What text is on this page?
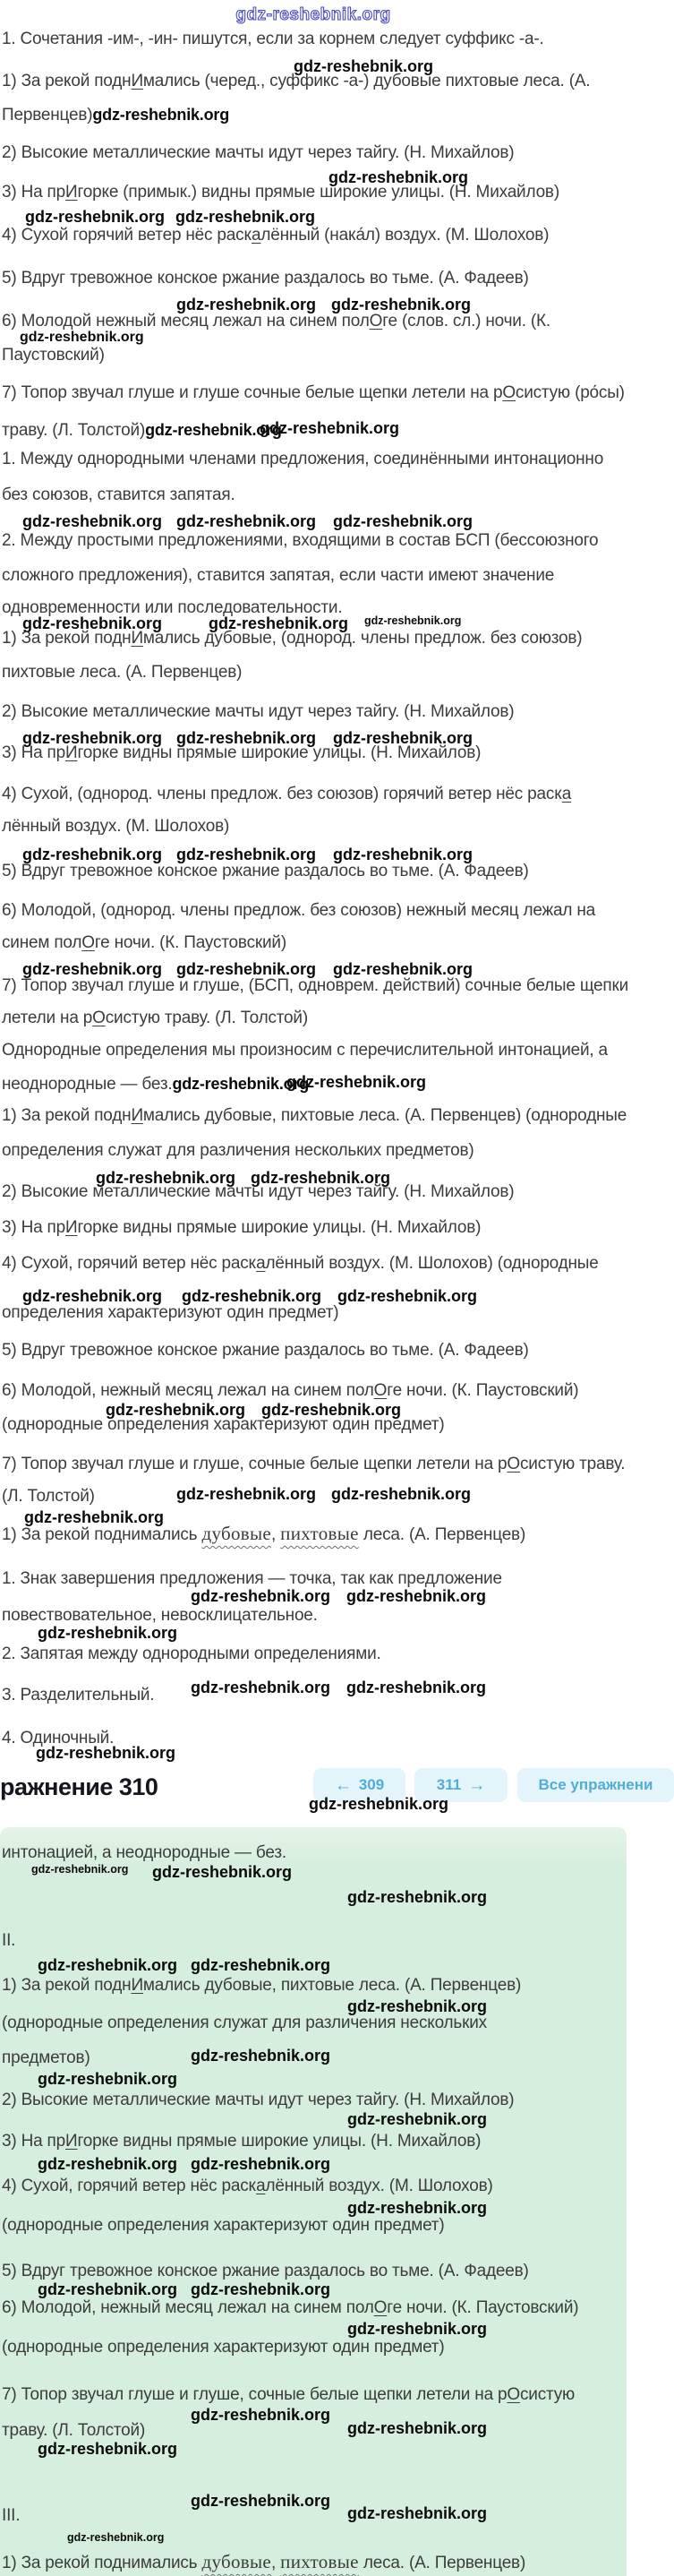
ражнение 310	← 309	311 →	Все упражнени
gdz-reshebnik.org
1. Сочетания -им-, -ин- пишутся, если за корнем следует суффикс -а-.
gdz-reshebnik.org
1) За рекой поднИмались (черед., суффикс -а-) дубовые пихтовые леса. (А.
Первенцев)gdz-reshebnik.org
2) Высокие металлические мачты идут через тайгу. (Н. Михайлов)
gdz-reshebnik.org
3) На прИгорке (примык.) видны прямые широкие улицы. (Н. Михайлов)
gdz-reshebnik.org gdz-reshebnik.org
4) Сухой горячий ветер нёс раскалённый (нака́л) воздух. (М. Шолохов)
5) Вдруг тревожное конское ржание раздалось во тьме. (А. Фадеев)
gdz-reshebnik.org gdz-reshebnik.org
6) Молодой нежный месяц лежал на синем полОге (слов. сл.) ночи. (К.
gdz-reshebnik.org
Паустовский)
7) Топор звучал глуше и глуше сочные белые щепки летели на рОсистую (ро́сы)
траву. (Л. Толстой)gdz-reshebnik.org
gdz-reshebnik.org
1. Между однородными членами предложения, соединёнными интонационно
без союзов, ставится запятая.
gdz-reshebnik.org gdz-reshebnik.org gdz-reshebnik.org
2. Между простыми предложениями, входящими в состав БСП (бессоюзного
сложного предложения), ставится запятая, если части имеют значение
одновременности или последовательности.
gdz-reshebnik.org	gdz-reshebnik.org gdz-reshebnik.org
1) За рекой поднИмались дубовые, (однород. члены предлож. без союзов)
пихтовые леса. (А. Первенцев)
2) Высокие металлические мачты идут через тайгу. (Н. Михайлов)
gdz-reshebnik.org gdz-reshebnik.org gdz-reshebnik.org
3) На прИгорке видны прямые широкие улицы. (Н. Михайлов)
4) Сухой, (однород. члены предлож. без союзов) горячий ветер нёс раска
лённый воздух. (М. Шолохов)
gdz-reshebnik.org gdz-reshebnik.org gdz-reshebnik.org
5) Вдруг тревожное конское ржание раздалось во тьме. (А. Фадеев)
6) Молодой, (однород. члены предлож. без союзов) нежный месяц лежал на
синем полОге ночи. (К. Паустовский)
gdz-reshebnik.org gdz-reshebnik.org gdz-reshebnik.org
7) Топор звучал глуше и глуше, (БСП, одноврем. действий) сочные белые щепки
летели на рОсистую траву. (Л. Толстой)
Однородные определения мы произносим с перечислительной интонацией, а
неоднородные — без.gdz-reshebnik.org
gdz-reshebnik.org
1) За рекой поднИмались дубовые, пихтовые леса. (А. Первенцев) (однородные
определения служат для различения нескольких предметов)
gdz-reshebnik.org gdz-reshebnik.org
2) Высокие металлические мачты идут через тайгу. (Н. Михайлов)
3) На прИгорке видны прямые широкие улицы. (Н. Михайлов)
4) Сухой, горячий ветер нёс раскалённый воздух. (М. Шолохов) (однородные
gdz-reshebnik.org gdz-reshebnik.org gdz-reshebnik.org
определения характеризуют один предмет)
5) Вдруг тревожное конское ржание раздалось во тьме. (А. Фадеев)
6) Молодой, нежный месяц лежал на синем полОге ночи. (К. Паустовский)
gdz-reshebnik.org gdz-reshebnik.org
(однородные определения характеризуют один предмет)
7) Топор звучал глуше и глуше, сочные белые щепки летели на рОсистую траву.
(Л. Толстой)	gdz-reshebnik.org gdz-reshebnik.org
gdz-reshebnik.org
1) За рекой поднимались дубовые, пихтовые леса. (А. Первенцев)
1. Знак завершения предложения — точка, так как предложение
gdz-reshebnik.org gdz-reshebnik.org
повествовательное, невосклицательное.
gdz-reshebnik.org
2. Запятая между однородными определениями.
gdz-reshebnik.org gdz-reshebnik.org
3. Разделительный.
4. Одиночный.
gdz-reshebnik.org
gdz-reshebnik.org
интонацией, а неоднородные — без.
gdz-reshebnik.org gdz-reshebnik.org
gdz-reshebnik.org
II.
gdz-reshebnik.org gdz-reshebnik.org
1) За рекой поднИмались дубовые, пихтовые леса. (А. Первенцев)
gdz-reshebnik.org
(однородные определения служат для различения нескольких
предметов)	gdz-reshebnik.org
gdz-reshebnik.org
2) Высокие металлические мачты идут через тайгу. (Н. Михайлов)
gdz-reshebnik.org
3) На прИгорке видны прямые широкие улицы. (Н. Михайлов)
gdz-reshebnik.org gdz-reshebnik.org
4) Сухой, горячий ветер нёс раскалённый воздух. (М. Шолохов)
gdz-reshebnik.org
(однородные определения характеризуют один предмет)
5) Вдруг тревожное конское ржание раздалось во тьме. (А. Фадеев)
gdz-reshebnik.org gdz-reshebnik.org
6) Молодой, нежный месяц лежал на синем полОге ночи. (К. Паустовский)
gdz-reshebnik.org
(однородные определения характеризуют один предмет)
7) Топор звучал глуше и глуше, сочные белые щепки летели на рОсистую
gdz-reshebnik.org
траву. (Л. Толстой)	gdz-reshebnik.org
gdz-reshebnik.org
III.
gdz-reshebnik.org
gdz-reshebnik.org
gdz-reshebnik.org
1) За рекой поднимались дубовые, пихтовые леса. (А. Первенцев)
